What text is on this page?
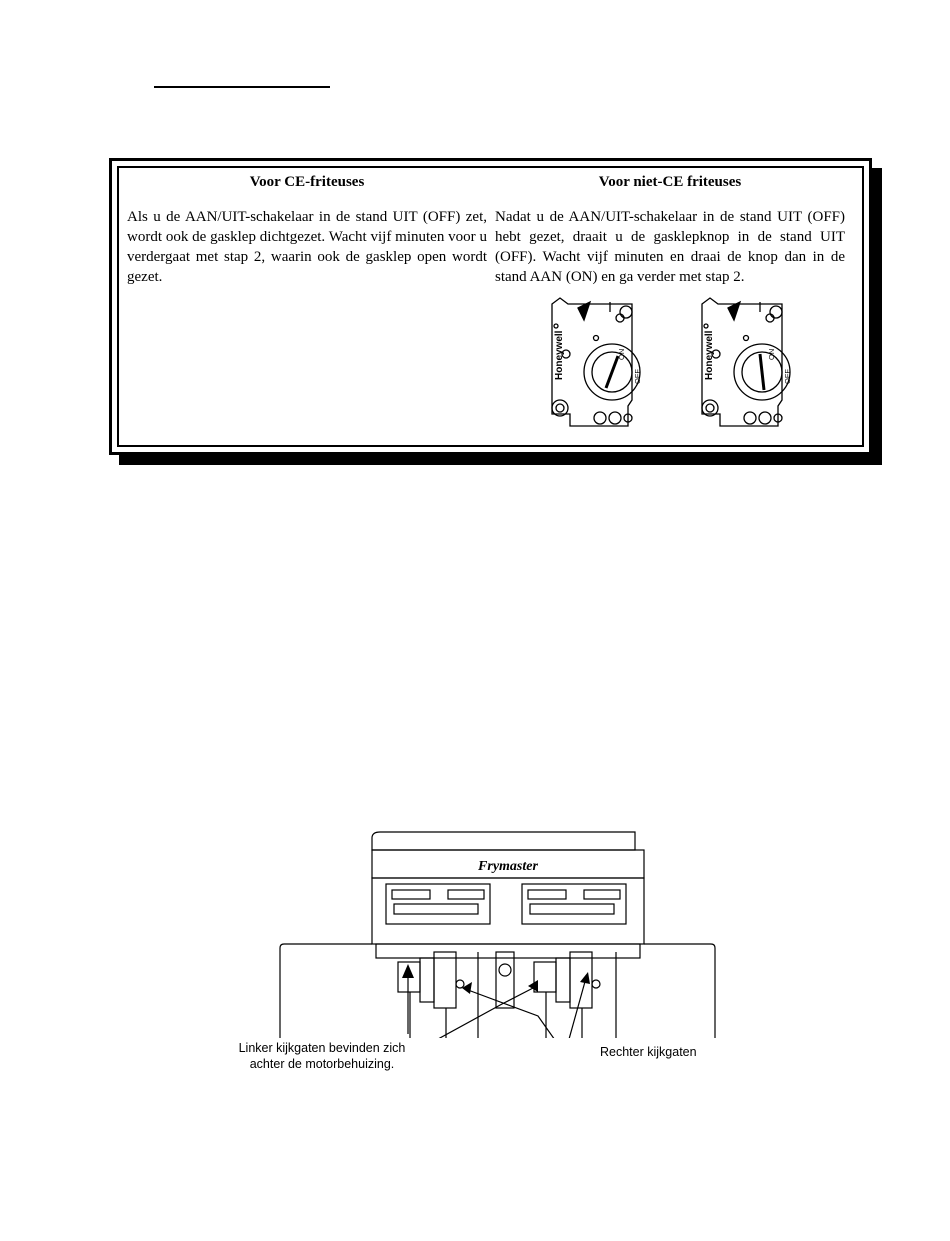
Voor CE-friteuses
Als u de AAN/UIT-schakelaar in de stand UIT (OFF) zet, wordt ook de gasklep dichtgezet. Wacht vijf minuten voor u verdergaat met stap 2, waarin ook de gasklep open wordt gezet.
Voor niet-CE friteuses
Nadat u de AAN/UIT-schakelaar in de stand UIT (OFF) hebt gezet, draait u de gasklepknop in de stand UIT (OFF). Wacht vijf minuten en draai de knop dan in de stand AAN (ON) en ga verder met stap 2.
Honeywell	ON
OFF	Honeywell	ON
OFF
Frymaster
Linker kijkgaten bevinden zich achter de motorbehuizing.
Rechter kijkgaten
